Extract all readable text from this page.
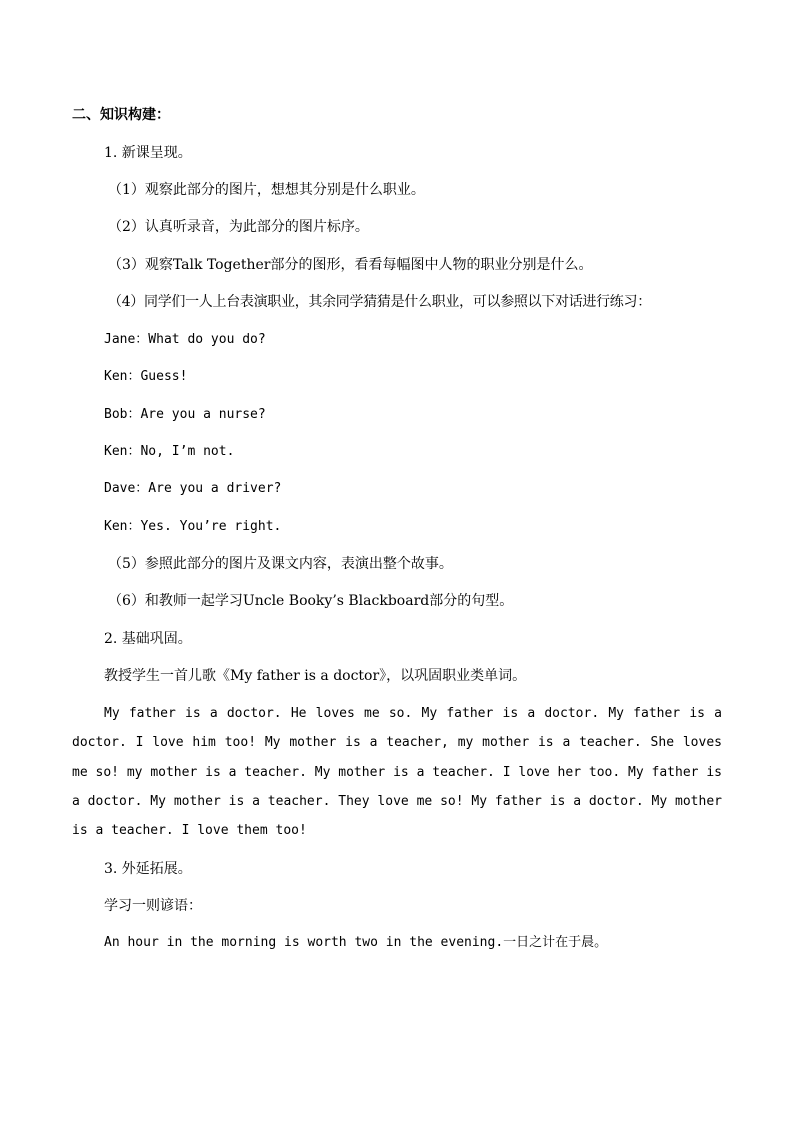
二、知识构建：
1. 新课呈现。
（1）观察此部分的图片，想想其分别是什么职业。
（2）认真听录音，为此部分的图片标序。
（3）观察Talk Together部分的图形，看看每幅图中人物的职业分别是什么。
（4）同学们一人上台表演职业，其余同学猜猜是什么职业，可以参照以下对话进行练习：
Jane：What do you do?
Ken：Guess!
Bob：Are you a nurse?
Ken：No, I’m not.
Dave：Are you a driver?
Ken：Yes. You’re right.
（5）参照此部分的图片及课文内容，表演出整个故事。
（6）和教师一起学习Uncle Booky’s Blackboard部分的句型。
2. 基础巩固。
教授学生一首儿歌《My father is a doctor》，以巩固职业类单词。
My father is a doctor. He loves me so. My father is a doctor. My father is a doctor. I love him too! My mother is a teacher, my mother is a teacher. She loves me so! my mother is a teacher. My mother is a teacher. I love her too. My father is a doctor. My mother is a teacher. They love me so! My father is a doctor. My mother is a teacher. I love them too!
3. 外延拓展。
学习一则谚语：
An hour in the morning is worth two in the evening.一日之计在于晨。
